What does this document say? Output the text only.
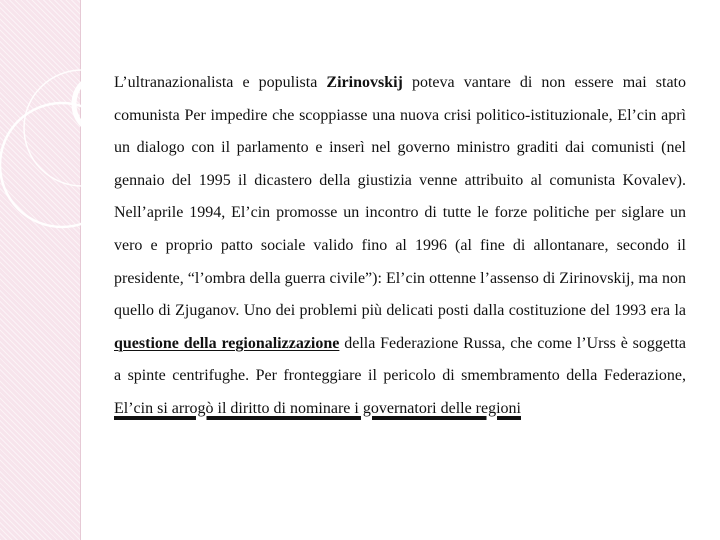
L’ultranazionalista e populista Zirinovskij poteva vantare di non essere mai stato comunista Per impedire che scoppiasse una nuova crisi politico-istituzionale, El’cin aprì un dialogo con il parlamento e inserì nel governo ministro graditi dai comunisti (nel gennaio del 1995 il dicastero della giustizia venne attribuito al comunista Kovalev). Nell’aprile 1994, El’cin promosse un incontro di tutte le forze politiche per siglare un vero e proprio patto sociale valido fino al 1996 (al fine di allontanare, secondo il presidente, “l’ombra della guerra civile”): El’cin ottenne l’assenso di Zirinovskij, ma non quello di Zjuganov. Uno dei problemi più delicati posti dalla costituzione del 1993 era la questione della regionalizzazione della Federazione Russa, che come l’Urss è soggetta a spinte centrifughe. Per fronteggiare il pericolo di smembramento della Federazione, El’cin si arrogò il diritto di nominare i governatori delle regioni
